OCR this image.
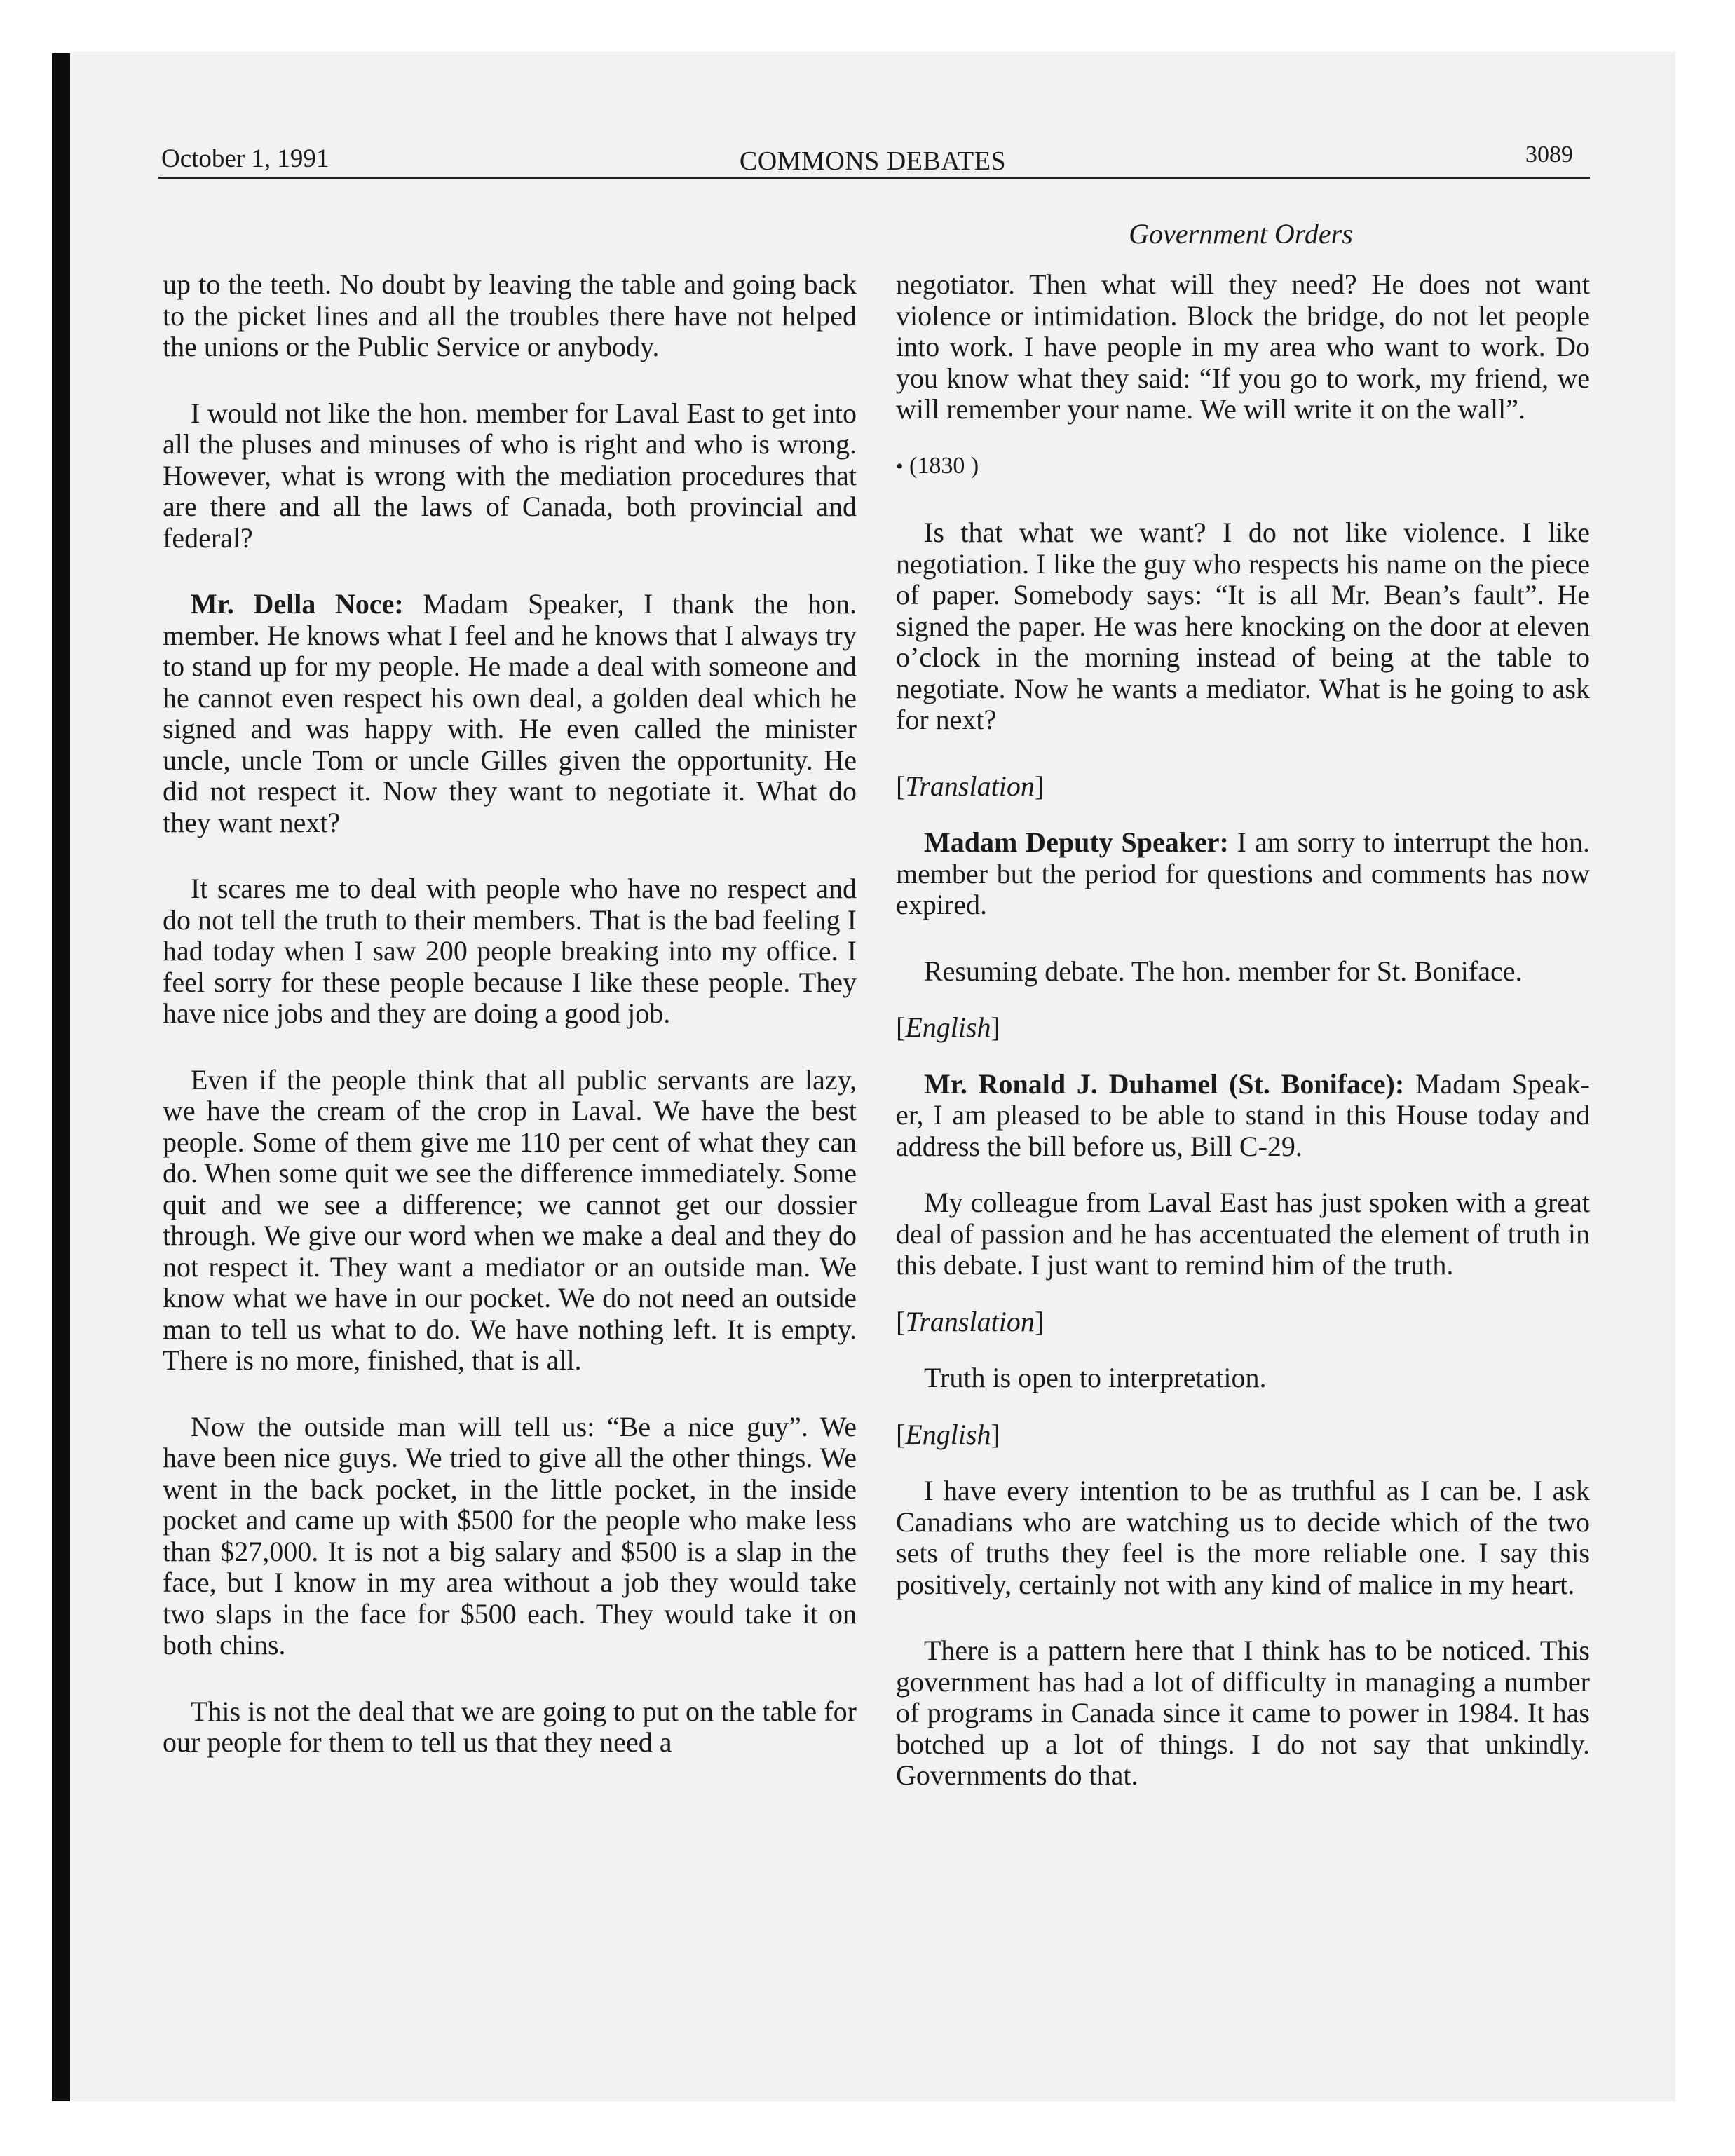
October 1, 1991	COMMONS DEBATES	3089
Government Orders

up to the teeth. No doubt by leaving the table and going back to the picket lines and all the troubles there have not helped the unions or the Public Service or anybody.

I would not like the hon. member for Laval East to get into all the pluses and minuses of who is right and who is wrong. However, what is wrong with the mediation procedures that are there and all the laws of Canada, both provincial and federal?

Mr. Della Noce: Madam Speaker, I thank the hon. member. He knows what I feel and he knows that I always try to stand up for my people. He made a deal with someone and he cannot even respect his own deal, a golden deal which he signed and was happy with. He even called the minister uncle, uncle Tom or uncle Gilles given the opportunity. He did not respect it. Now they want to negotiate it. What do they want next?

It scares me to deal with people who have no respect and do not tell the truth to their members. That is the bad feeling I had today when I saw 200 people breaking into my office. I feel sorry for these people because I like these people. They have nice jobs and they are doing a good job.

Even if the people think that all public servants are lazy, we have the cream of the crop in Laval. We have the best people. Some of them give me 110 per cent of what they can do. When some quit we see the difference immediately. Some quit and we see a difference; we cannot get our dossier through. We give our word when we make a deal and they do not respect it. They want a mediator or an outside man. We know what we have in our pocket. We do not need an outside man to tell us what to do. We have nothing left. It is empty. There is no more, finished, that is all.

Now the outside man will tell us: “Be a nice guy”. We have been nice guys. We tried to give all the other things. We went in the back pocket, in the little pocket, in the inside pocket and came up with $500 for the people who make less than $27,000. It is not a big salary and $500 is a slap in the face, but I know in my area without a job they would take two slaps in the face for $500 each. They would take it on both chins.

This is not the deal that we are going to put on the table for our people for them to tell us that they need a

negotiator. Then what will they need? He does not want violence or intimidation. Block the bridge, do not let people into work. I have people in my area who want to work. Do you know what they said: “If you go to work, my friend, we will remember your name. We will write it on the wall”.

• (1830 )

Is that what we want? I do not like violence. I like negotiation. I like the guy who respects his name on the piece of paper. Somebody says: “It is all Mr. Bean’s fault”. He signed the paper. He was here knocking on the door at eleven o’clock in the morning instead of being at the table to negotiate. Now he wants a mediator. What is he going to ask for next?

[Translation]

Madam Deputy Speaker: I am sorry to interrupt the hon. member but the period for questions and comments has now expired.

Resuming debate. The hon. member for St. Boniface.

[English]

Mr. Ronald J. Duhamel (St. Boniface): Madam Speak- er, I am pleased to be able to stand in this House today and address the bill before us, Bill C-29.

My colleague from Laval East has just spoken with a great deal of passion and he has accentuated the element of truth in this debate. I just want to remind him of the truth.

[Translation]

Truth is open to interpretation.

[English]

I have every intention to be as truthful as I can be. I ask Canadians who are watching us to decide which of the two sets of truths they feel is the more reliable one. I say this positively, certainly not with any kind of malice in my heart.

There is a pattern here that I think has to be noticed. This government has had a lot of difficulty in managing a number of programs in Canada since it came to power in 1984. It has botched up a lot of things. I do not say that unkindly. Governments do that.
